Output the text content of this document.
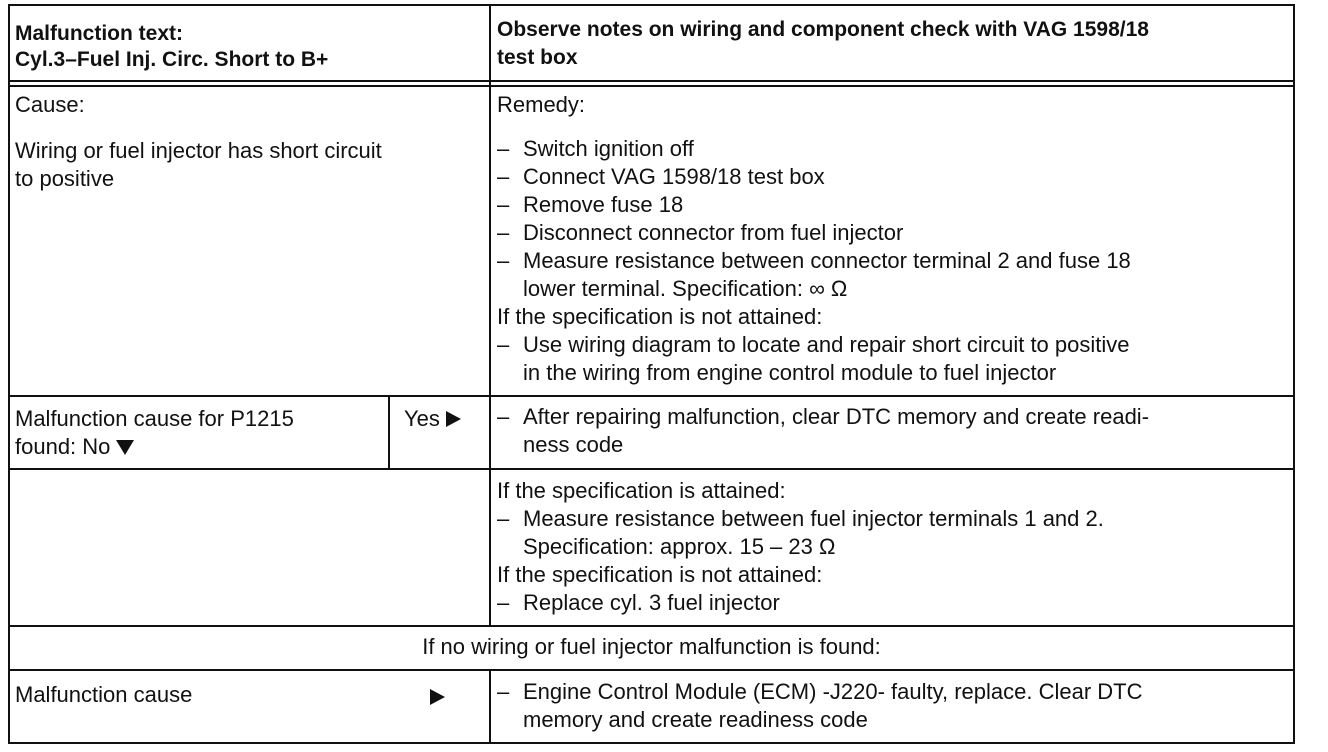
Malfunction text:
Cyl.3–Fuel Inj. Circ. Short to B+
Observe notes on wiring and component check with VAG 1598/18
test box
Cause:
Wiring or fuel injector has short circuit
to positive
Remedy:
– Switch ignition off
– Connect VAG 1598/18 test box
– Remove fuse 18
– Disconnect connector from fuel injector
– Measure resistance between connector terminal 2 and fuse 18
lower terminal. Specification: ∞ Ω
If the specification is not attained:
– Use wiring diagram to locate and repair short circuit to positive
in the wiring from engine control module to fuel injector
Malfunction cause for P1215
found: No
Yes	– After repairing malfunction, clear DTC memory and create readi-
ness code
If the specification is attained:
– Measure resistance between fuel injector terminals 1 and 2.
Specification: approx. 15 – 23 Ω
If the specification is not attained:
– Replace cyl. 3 fuel injector
If no wiring or fuel injector malfunction is found:
Malfunction cause	– Engine Control Module (ECM) -J220- faulty, replace. Clear DTC
memory and create readiness code
